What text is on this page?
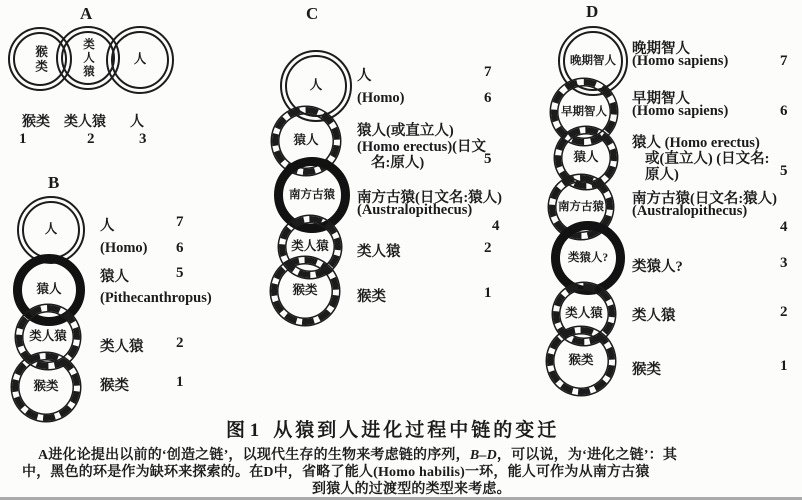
A
猴类	类人猿	人
猴类 类人猿 人
1	2	3
B
人
猿人
类人猿
猴类
人	7
(Homo) 6
猿人	5
(Pithecanthropus)
类人猿 2
猴类	1
C
人
猿人
南方古猿
类人猿
猴类
人	7
(Homo)	6
猿人(或直立人)
(Homo erectus)(日文
名:原人)	5
南方古猿(日文名:猿人)
(Australopithecus)
4
类人猿	2
猴类	1
D
晚期智人
早期智人
猿人
南方古猿
类猿人?
类人猿
猴类
晚期智人
(Homo sapiens)	7
早期智人
(Homo sapiens)	6
猿人 (Homo erectus)
或(直立人) (日文名:
原人)	5
南方古猿(日文名:猿人)
(Australopithecus)
4
类猿人?	3
类人猿	2
猴类	1
图 1 从猿到人进化过程中链的变迁
A进化论提出以前的‘创造之链’，以现代生存的生物来考虑链的序列，B–D，可以说，为‘进化之链’：其
中，黑色的环是作为缺环来探索的。在D中，省略了能人(Homo habilis)一环，能人可作为从南方古猿
到猿人的过渡型的类型来考虑。
